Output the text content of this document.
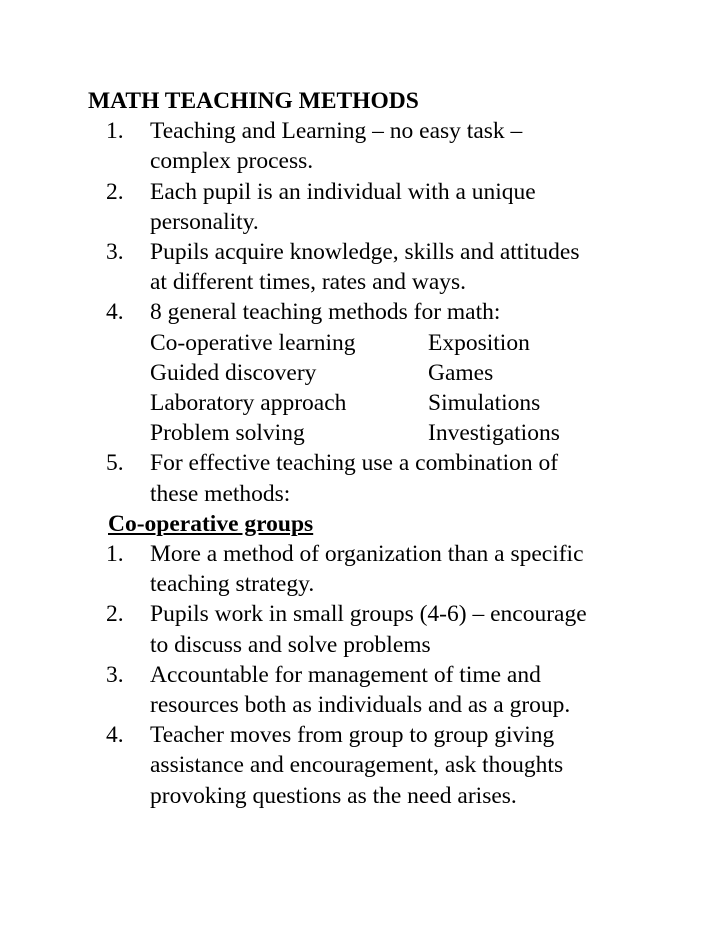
MATH TEACHING METHODS

1. Teaching and Learning – no easy task –
complex process.
2. Each pupil is an individual with a unique
personality.
3. Pupils acquire knowledge, skills and attitudes
at different times, rates and ways.
4. 8 general teaching methods for math:
Co-operative learning	Exposition
Guided discovery	Games
Laboratory approach	Simulations
Problem solving	Investigations
5. For effective teaching use a combination of
these methods:

Co-operative groups

1. More a method of organization than a specific
teaching strategy.
2. Pupils work in small groups (4-6) – encourage
to discuss and solve problems
3. Accountable for management of time and
resources both as individuals and as a group.
4. Teacher moves from group to group giving
assistance and encouragement, ask thoughts
provoking questions as the need arises.
